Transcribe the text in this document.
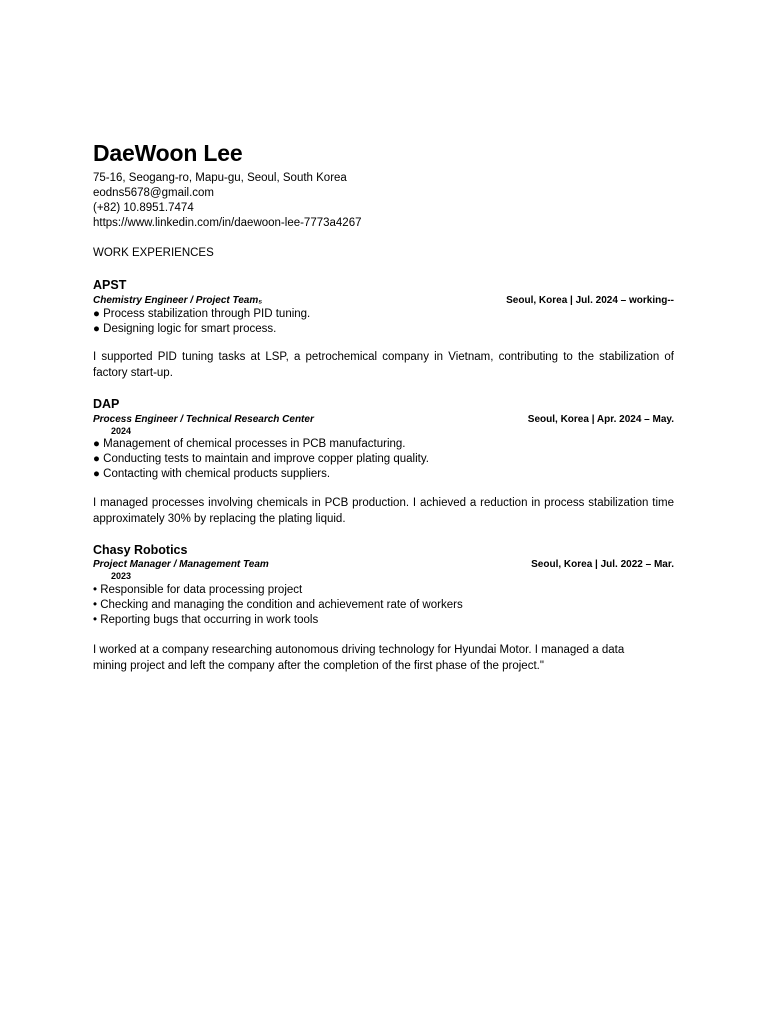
DaeWoon Lee
75-16, Seogang-ro, Mapu-gu, Seoul, South Korea
eodns5678@gmail.com
(+82) 10.8951.7474
https://www.linkedin.com/in/daewoon-lee-7773a4267
WORK EXPERIENCES
APST
Chemistry Engineer / Project Team₅	Seoul, Korea | Jul. 2024 – working--
● Process stabilization through PID tuning.
● Designing logic for smart process.
I supported PID tuning tasks at LSP, a petrochemical company in Vietnam, contributing to the stabilization of factory start-up.
DAP
Process Engineer / Technical Research Center	Seoul, Korea | Apr. 2024 – May.
2024
● Management of chemical processes in PCB manufacturing.
● Conducting tests to maintain and improve copper plating quality.
● Contacting with chemical products suppliers.
I managed processes involving chemicals in PCB production. I achieved a reduction in process stabilization time approximately 30% by replacing the plating liquid.
Chasy Robotics
Project Manager / Management Team	Seoul, Korea | Jul. 2022 – Mar.
2023
• Responsible for data processing project
• Checking and managing the condition and achievement rate of workers
• Reporting bugs that occurring in work tools
I worked at a company researching autonomous driving technology for Hyundai Motor. I managed a data mining project and left the company after the completion of the first phase of the project."
